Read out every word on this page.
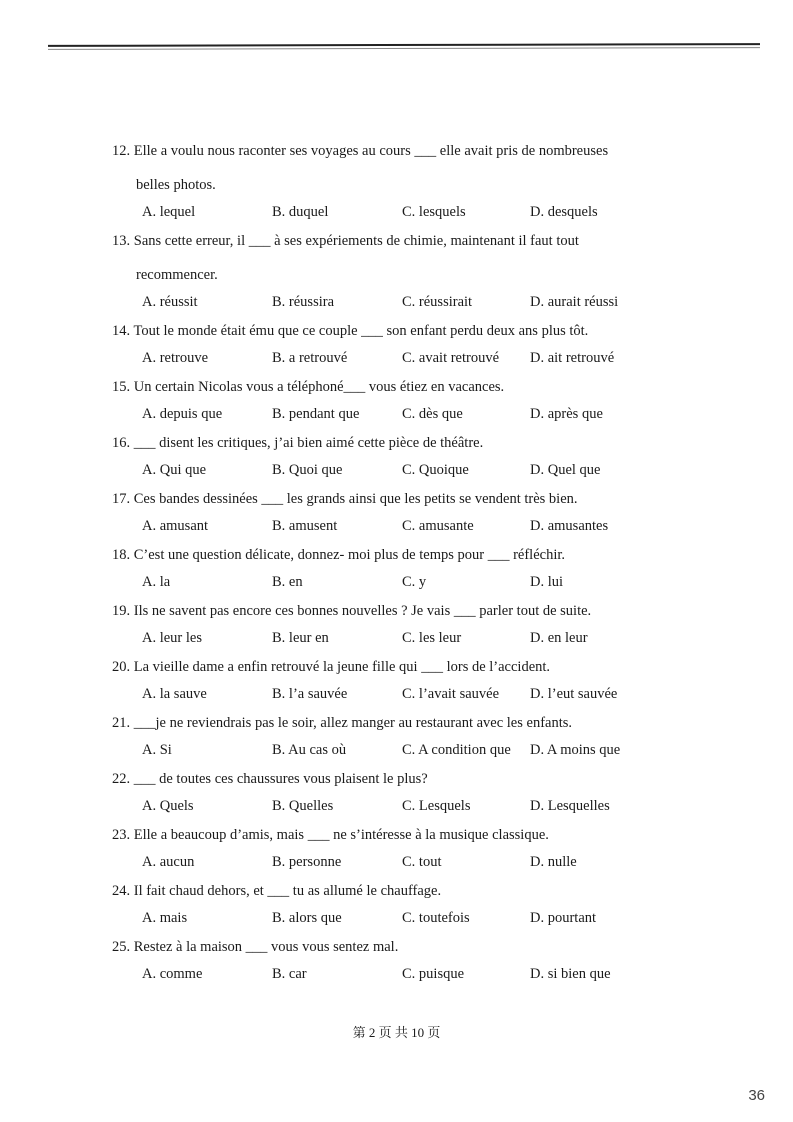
12. Elle a voulu nous raconter ses voyages au cours ___ elle avait pris de nombreuses
belles photos.
A. lequel	B. duquel	C. lesquels	D. desquels
13. Sans cette erreur, il ___ à ses expériements de chimie, maintenant il faut tout
recommencer.
A. réussit	B. réussira	C. réussirait	D. aurait réussi
14. Tout le monde était ému que ce couple ___ son enfant perdu deux ans plus tôt.
A. retrouve	B. a retrouvé	C. avait retrouvé D. ait retrouvé
15. Un certain Nicolas vous a téléphoné___ vous étiez en vacances.
A. depuis que	B. pendant que	C. dès que	D. après que
16. ___ disent les critiques, j’ai bien aimé cette pièce de théâtre.
A. Qui que	B. Quoi que	C. Quoique	D. Quel que
17. Ces bandes dessinées ___ les grands ainsi que les petits se vendent très bien.
A. amusant	B. amusent	C. amusante	D. amusantes
18. C’est une question délicate, donnez- moi plus de temps pour ___ réfléchir.
A. la	B. en	C. y	D. lui
19. Ils ne savent pas encore ces bonnes nouvelles ? Je vais ___ parler tout de suite.
A. leur les	B. leur en	C. les leur	D. en leur
20. La vieille dame a enfin retrouvé la jeune fille qui ___ lors de l’accident.
A. la sauve	B. l’a sauvée	C. l’avait sauvée D. l’eut sauvée
21. ___je ne reviendrais pas le soir, allez manger au restaurant avec les enfants.
A. Si	B. Au cas où	C. A condition que D. A moins que
22. ___ de toutes ces chaussures vous plaisent le plus?
A. Quels	B. Quelles	C. Lesquels	D. Lesquelles
23. Elle a beaucoup d’amis, mais ___ ne s’intéresse à la musique classique.
A. aucun	B. personne	C. tout	D. nulle
24. Il fait chaud dehors, et ___ tu as allumé le chauffage.
A. mais	B. alors que	C. toutefois	D. pourtant
25. Restez à la maison ___ vous vous sentez mal.
A. comme	B. car	C. puisque	D. si bien que
第 2 页 共 10 页
36
